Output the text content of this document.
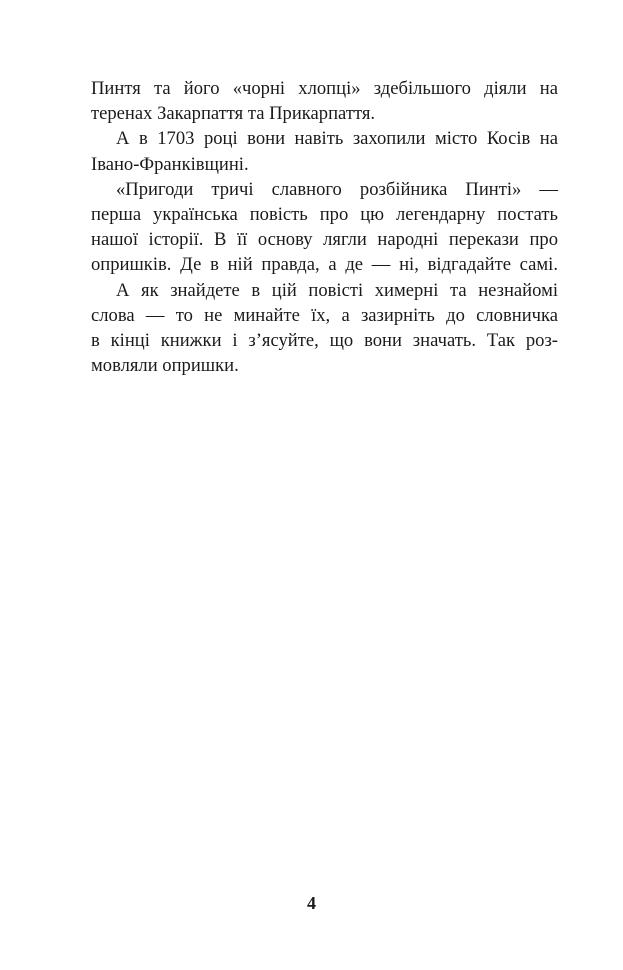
Пинтя та його «чорні хлопці» здебільшого діяли на
теренах Закарпаття та Прикарпаття.
А в 1703 році вони навіть захопили місто Косів на
Івано-Франківщині.
«Пригоди тричі славного розбійника Пинті» —
перша українська повість про цю легендарну постать
нашої історії. В її основу лягли народні перекази про
опришків. Де в ній правда, а де — ні, відгадайте самі.
А як знайдете в цій повісті химерні та незнайомі
слова — то не минайте їх, а зазирніть до словничка
в кінці книжки і з’ясуйте, що вони значать. Так роз-
мовляли опришки.
4
